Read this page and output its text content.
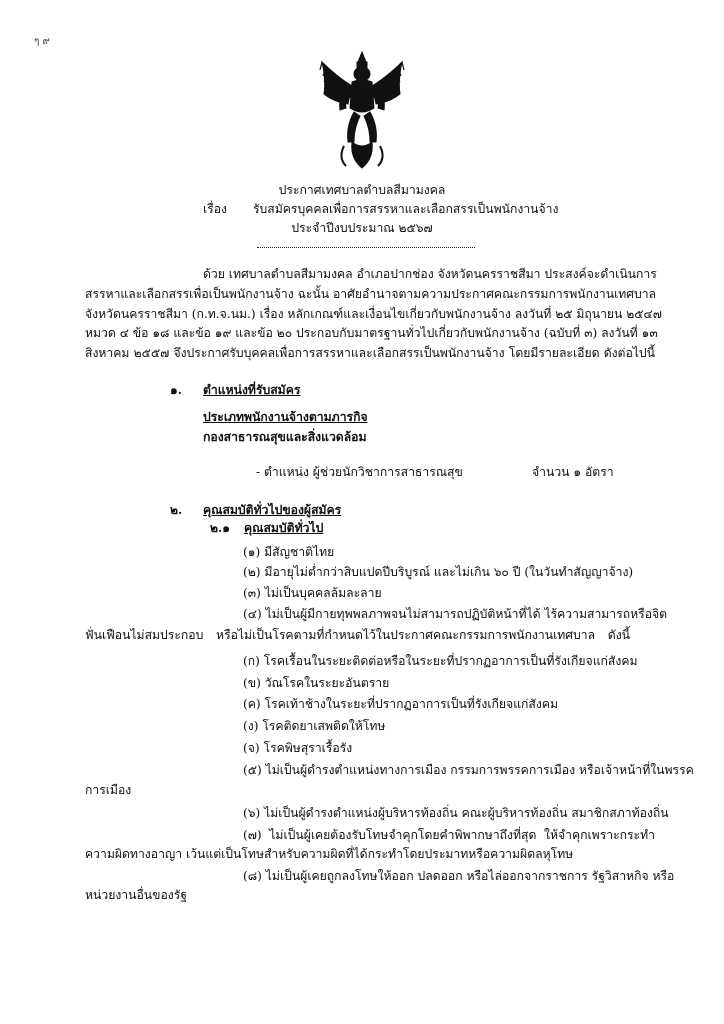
ๆ ๙
ประกาศเทศบาลตำบลสีมามงคล
เรื่อง รับสมัครบุคคลเพื่อการสรรหาและเลือกสรรเป็นพนักงานจ้าง
ประจำปีงบประมาณ ๒๕๖๗
ด้วย เทศบาลตำบลสีมามงคล อำเภอปากช่อง จังหวัดนครราชสีมา ประสงค์จะดำเนินการ
สรรหาและเลือกสรรเพื่อเป็นพนักงานจ้าง ฉะนั้น อาศัยอำนาจตามความประกาศคณะกรรมการพนักงานเทศบาล
จังหวัดนครราชสีมา (ก.ท.จ.นม.) เรื่อง หลักเกณฑ์และเงื่อนไขเกี่ยวกับพนักงานจ้าง ลงวันที่ ๒๕ มิถุนายน ๒๕๔๗
หมวด ๔ ข้อ ๑๘ และข้อ ๑๙ และข้อ ๒๐ ประกอบกับมาตรฐานทั่วไปเกี่ยวกับพนักงานจ้าง (ฉบับที่ ๓) ลงวันที่ ๑๓
สิงหาคม ๒๕๕๗ จึงประกาศรับบุคคลเพื่อการสรรหาและเลือกสรรเป็นพนักงานจ้าง โดยมีรายละเอียด ดังต่อไปนี้
๑. ตำแหน่งที่รับสมัคร
ประเภทพนักงานจ้างตามภารกิจ
กองสาธารณสุขและสิ่งแวดล้อม
- ตำแหน่ง ผู้ช่วยนักวิชาการสาธารณสุข	จำนวน ๑ อัตรา
๒. คุณสมบัติทั่วไปของผู้สมัคร
๒.๑ คุณสมบัติทั่วไป
(๑) มีสัญชาติไทย
(๒) มีอายุไม่ต่ำกว่าสิบแปดปีบริบูรณ์ และไม่เกิน ๖๐ ปี (ในวันทำสัญญาจ้าง)
(๓) ไม่เป็นบุคคลล้มละลาย
(๔) ไม่เป็นผู้มีกายทุพพลภาพจนไม่สามารถปฏิบัติหน้าที่ได้ ไร้ความสามารถหรือจิต
ฟั่นเฟือนไม่สมประกอบ หรือไม่เป็นโรคตามที่กำหนดไว้ในประกาศคณะกรรมการพนักงานเทศบาล ดังนี้
(ก) โรคเรื้อนในระยะติดต่อหรือในระยะที่ปรากฏอาการเป็นที่รังเกียจแก่สังคม
(ข) วัณโรคในระยะอันตราย
(ค) โรคเท้าช้างในระยะที่ปรากฏอาการเป็นที่รังเกียจแก่สังคม
(ง) โรคติดยาเสพติดให้โทษ
(จ) โรคพิษสุราเรื้อรัง
(๕) ไม่เป็นผู้ดำรงตำแหน่งทางการเมือง กรรมการพรรคการเมือง หรือเจ้าหน้าที่ในพรรค
การเมือง
(๖) ไม่เป็นผู้ดำรงตำแหน่งผู้บริหารท้องถิ่น คณะผู้บริหารท้องถิ่น สมาชิกสภาท้องถิ่น
(๗) ไม่เป็นผู้เคยต้องรับโทษจำคุกโดยคำพิพากษาถึงที่สุด ให้จำคุกเพราะกระทำ
ความผิดทางอาญา เว้นแต่เป็นโทษสำหรับความผิดที่ได้กระทำโดยประมาทหรือความผิดลหุโทษ
(๘) ไม่เป็นผู้เคยถูกลงโทษให้ออก ปลดออก หรือไล่ออกจากราชการ รัฐวิสาหกิจ หรือ
หน่วยงานอื่นของรัฐ
